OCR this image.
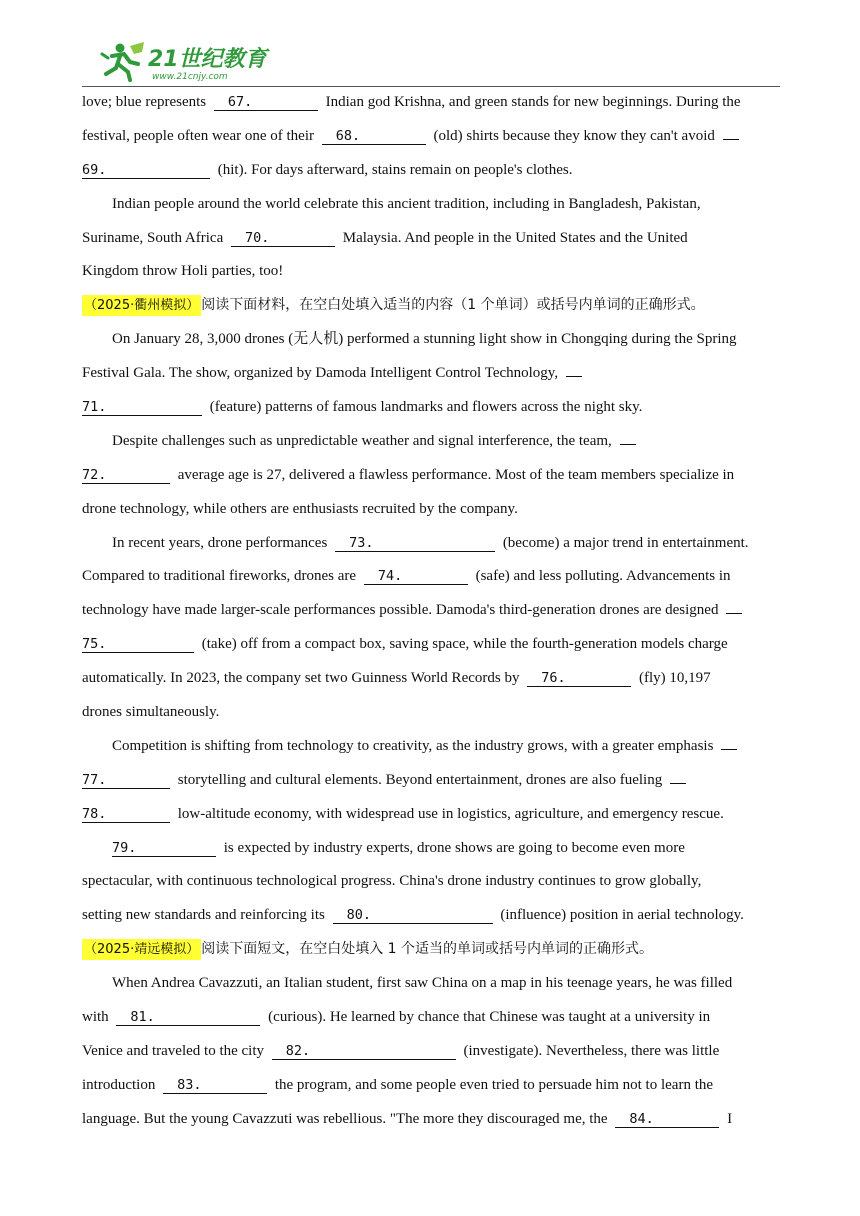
21世纪教育
www.21cnjy.com
love; blue represents 67.	Indian god Krishna, and green stands for new beginnings. During the
festival, people often wear one of their 68.	(old) shirts because they know they can't avoid
69.	(hit). For days afterward, stains remain on people's clothes.
Indian people around the world celebrate this ancient tradition, including in Bangladesh, Pakistan,
Suriname, South Africa 70.	Malaysia. And people in the United States and the United
Kingdom throw Holi parties, too!
（2025·衢州模拟） 阅读下面材料，在空白处填入适当的内容（1 个单词）或括号内单词的正确形式。
On January 28, 3,000 drones (无人机) performed a stunning light show in Chongqing during the Spring
Festival Gala. The show, organized by Damoda Intelligent Control Technology,
71.	(feature) patterns of famous landmarks and flowers across the night sky.
Despite challenges such as unpredictable weather and signal interference, the team,
72.	average age is 27, delivered a flawless performance. Most of the team members specialize in
drone technology, while others are enthusiasts recruited by the company.
In recent years, drone performances 73.	(become) a major trend in entertainment.
Compared to traditional fireworks, drones are 74.	(safe) and less polluting. Advancements in
technology have made larger-scale performances possible. Damoda's third-generation drones are designed
75.	(take) off from a compact box, saving space, while the fourth-generation models charge
automatically. In 2023, the company set two Guinness World Records by 76.	(fly) 10,197
drones simultaneously.
Competition is shifting from technology to creativity, as the industry grows, with a greater emphasis
77.	storytelling and cultural elements. Beyond entertainment, drones are also fueling
78.	low-altitude economy, with widespread use in logistics, agriculture, and emergency rescue.
79.	is expected by industry experts, drone shows are going to become even more
spectacular, with continuous technological progress. China's drone industry continues to grow globally,
setting new standards and reinforcing its 80.	(influence) position in aerial technology.
（2025·靖远模拟） 阅读下面短文，在空白处填入 1 个适当的单词或括号内单词的正确形式。
When Andrea Cavazzuti, an Italian student, first saw China on a map in his teenage years, he was filled
with 81.	(curious). He learned by chance that Chinese was taught at a university in
Venice and traveled to the city 82.	(investigate). Nevertheless, there was little
introduction 83.	the program, and some people even tried to persuade him not to learn the
language. But the young Cavazzuti was rebellious. "The more they discouraged me, the 84.	I
